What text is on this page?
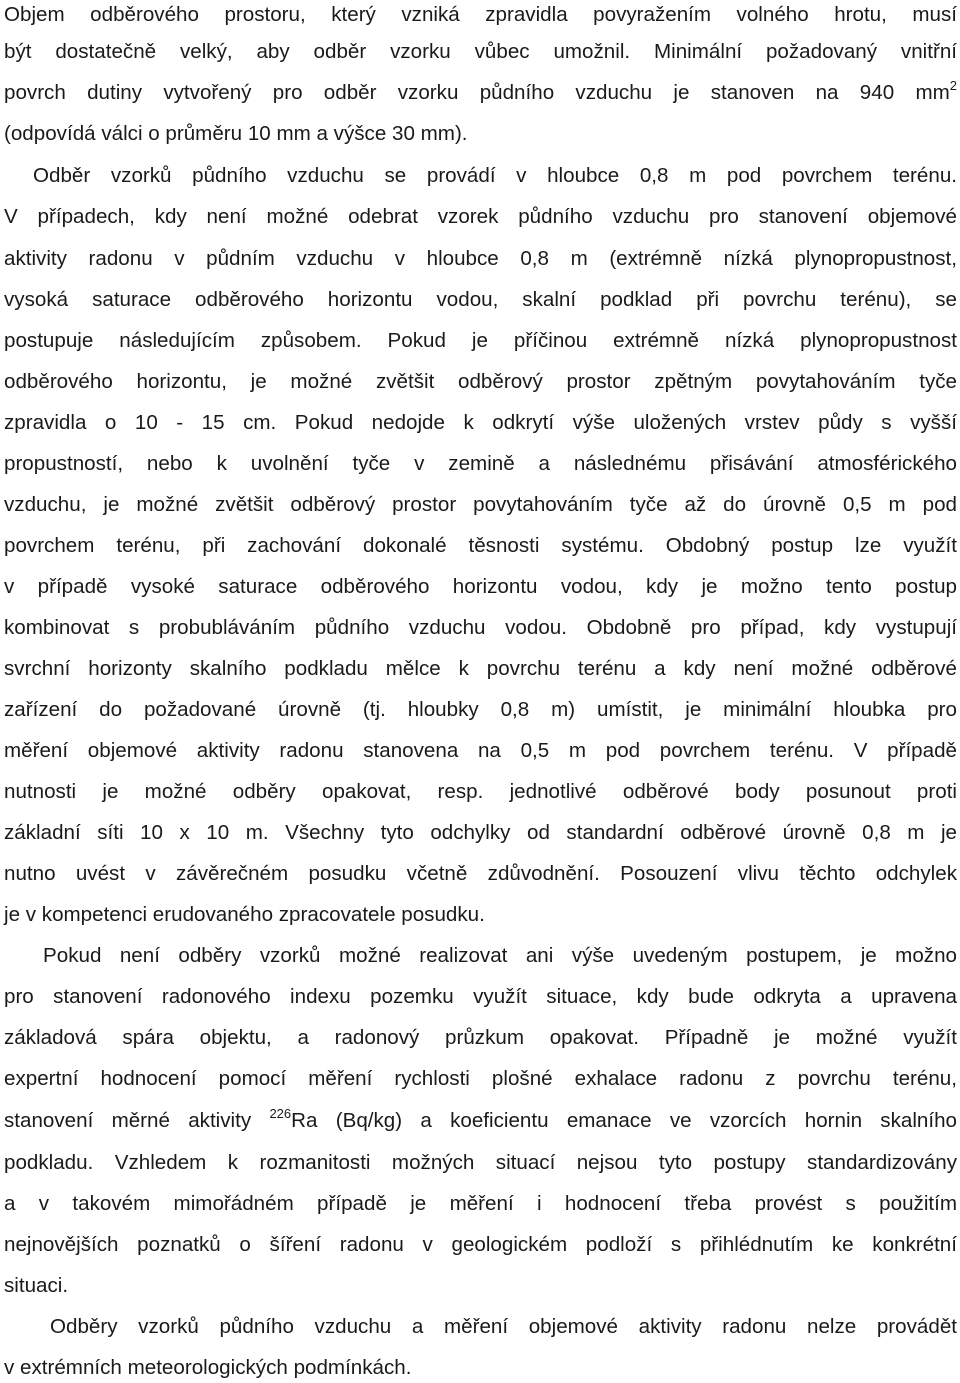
Objem odběrového prostoru, který vzniká zpravidla povyražením volného hrotu, musí
být dostatečně velký, aby odběr vzorku vůbec umožnil. Minimální požadovaný vnitřní
povrch dutiny vytvořený pro odběr vzorku půdního vzduchu je stanoven na 940 $mm^2$
(odpovídá válci o průměru 10 mm a výšce 30 mm).
Odběr vzorků půdního vzduchu se provádí v hloubce 0,8 m pod povrchem terénu.
V případech, kdy není možné odebrat vzorek půdního vzduchu pro stanovení objemové
aktivity radonu v půdním vzduchu v hloubce 0,8 m (extrémně nízká plynopropustnost,
vysoká saturace odběrového horizontu vodou, skalní podklad při povrchu terénu), se
postupuje následujícím způsobem. Pokud je příčinou extrémně nízká plynopropustnost
odběrového horizontu, je možné zvětšit odběrový prostor zpětným povytahováním tyče
zpravidla o 10 - 15 cm. Pokud nedojde k odkrytí výše uložených vrstev půdy s vyšší
propustností, nebo k uvolnění tyče v zemině a následnému přisávání atmosférického
vzduchu, je možné zvětšit odběrový prostor povytahováním tyče až do úrovně 0,5 m pod
povrchem terénu, při zachování dokonalé těsnosti systému. Obdobný postup lze využít
v případě vysoké saturace odběrového horizontu vodou, kdy je možno tento postup
kombinovat s probubláváním půdního vzduchu vodou. Obdobně pro případ, kdy vystupují
svrchní horizonty skalního podkladu mělce k povrchu terénu a kdy není možné odběrové
zařízení do požadované úrovně (tj. hloubky 0,8 m) umístit, je minimální hloubka pro
měření objemové aktivity radonu stanovena na 0,5 m pod povrchem terénu. V případě
nutnosti je možné odběry opakovat, resp. jednotlivé odběrové body posunout proti
základní síti 10 x 10 m. Všechny tyto odchylky od standardní odběrové úrovně 0,8 m je
nutno uvést v závěrečném posudku včetně zdůvodnění. Posouzení vlivu těchto odchylek
je v kompetenci erudovaného zpracovatele posudku.
Pokud není odběry vzorků možné realizovat ani výše uvedeným postupem, je možno
pro stanovení radonového indexu pozemku využít situace, kdy bude odkryta a upravena
základová spára objektu, a radonový průzkum opakovat. Případně je možné využít
expertní hodnocení pomocí měření rychlosti plošné exhalace radonu z povrchu terénu,
stanovení měrné aktivity $^{226}$Ra (Bq/kg) a koeficientu emanace ve vzorcích hornin skalního
podkladu. Vzhledem k rozmanitosti možných situací nejsou tyto postupy standardizovány
a v takovém mimořádném případě je měření i hodnocení třeba provést s použitím
nejnovějších poznatků o šíření radonu v geologickém podloží s přihlédnutím ke konkrétní
situaci.
Odběry vzorků půdního vzduchu a měření objemové aktivity radonu nelze provádět
v extrémních meteorologických podmínkách.
